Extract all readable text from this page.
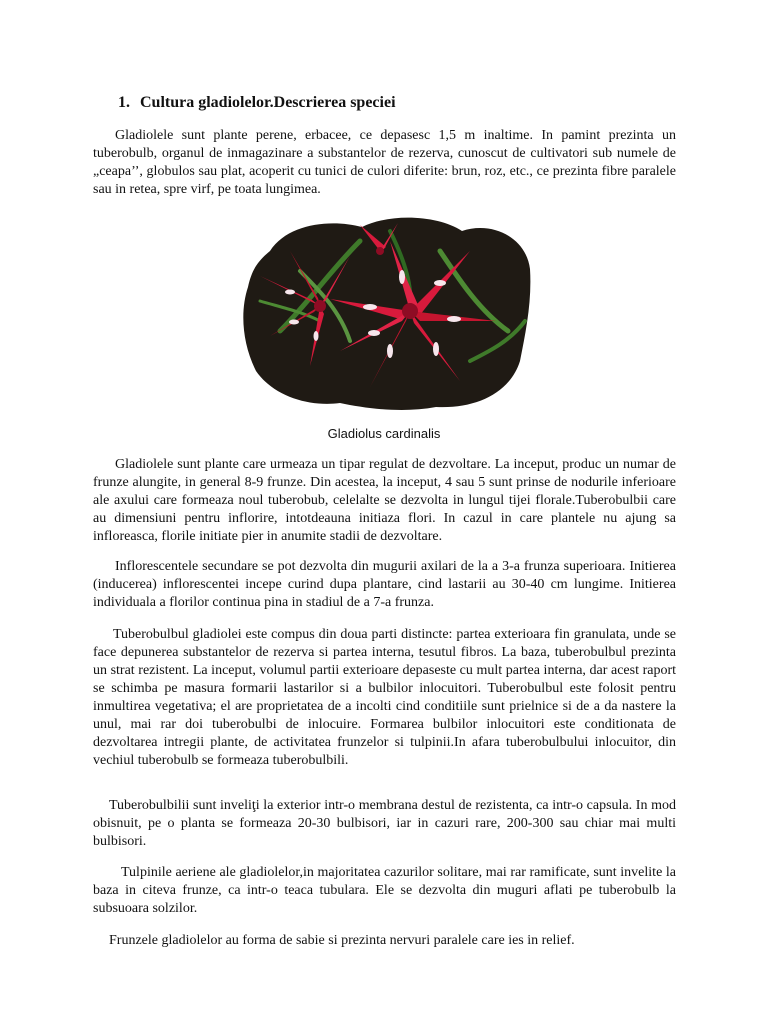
1. Cultura gladiolelor.Descrierea speciei

Gladiolele sunt plante perene, erbacee, ce depasesc 1,5 m inaltime. In pamint prezinta un tuberobulb, organul de inmagazinare a substantelor de rezerva, cunoscut de cultivatori sub numele de „ceapa’’, globulos sau plat, acoperit cu tunici de culori diferite: brun, roz, etc., ce prezinta fibre paralele sau in retea, spre virf, pe toata lungimea.

Gladiolus cardinalis

Gladiolele sunt plante care urmeaza un tipar regulat de dezvoltare. La inceput, produc un numar de frunze alungite, in general 8-9 frunze. Din acestea, la inceput, 4 sau 5 sunt prinse de nodurile inferioare ale axului care formeaza noul tuberobub, celelalte se dezvolta in lungul tijei florale.Tuberobulbii care au dimensiuni pentru inflorire, intotdeauna initiaza flori. In cazul in care plantele nu ajung sa infloreasca, florile initiate pier in anumite stadii de dezvoltare.

Inflorescentele secundare se pot dezvolta din mugurii axilari de la a 3-a frunza superioara. Initierea (inducerea) inflorescentei incepe curind dupa plantare, cind lastarii au 30-40 cm lungime. Initierea individuala a florilor continua pina in stadiul de a 7-a frunza.

Tuberobulbul gladiolei este compus din doua parti distincte: partea exterioara fin granulata, unde se face depunerea substantelor de rezerva si partea interna, tesutul fibros. La baza, tuberobulbul prezinta un strat rezistent. La inceput, volumul partii exterioare depaseste cu mult partea interna, dar acest raport se schimba pe masura formarii lastarilor si a bulbilor inlocuitori. Tuberobulbul este folosit pentru inmultirea vegetativa; el are proprietatea de a incolti cind conditiile sunt prielnice si de a da nastere la unul, mai rar doi tuberobulbi de inlocuire. Formarea bulbilor inlocuitori este conditionata de dezvoltarea intregii plante, de activitatea frunzelor si tulpinii.In afara tuberobulbului inlocuitor, din vechiul tuberobulb se formeaza tuberobulbili.

Tuberobulbilii sunt inveliţi la exterior intr-o membrana destul de rezistenta, ca intr-o capsula. In mod obisnuit, pe o planta se formeaza 20-30 bulbisori, iar in cazuri rare, 200-300 sau chiar mai multi bulbisori.

Tulpinile aeriene ale gladiolelor,in majoritatea cazurilor solitare, mai rar ramificate, sunt invelite la baza in citeva frunze, ca intr-o teaca tubulara. Ele se dezvolta din muguri aflati pe tuberobulb la subsuoara solzilor.

Frunzele gladiolelor au forma de sabie si prezinta nervuri paralele care ies in relief.
